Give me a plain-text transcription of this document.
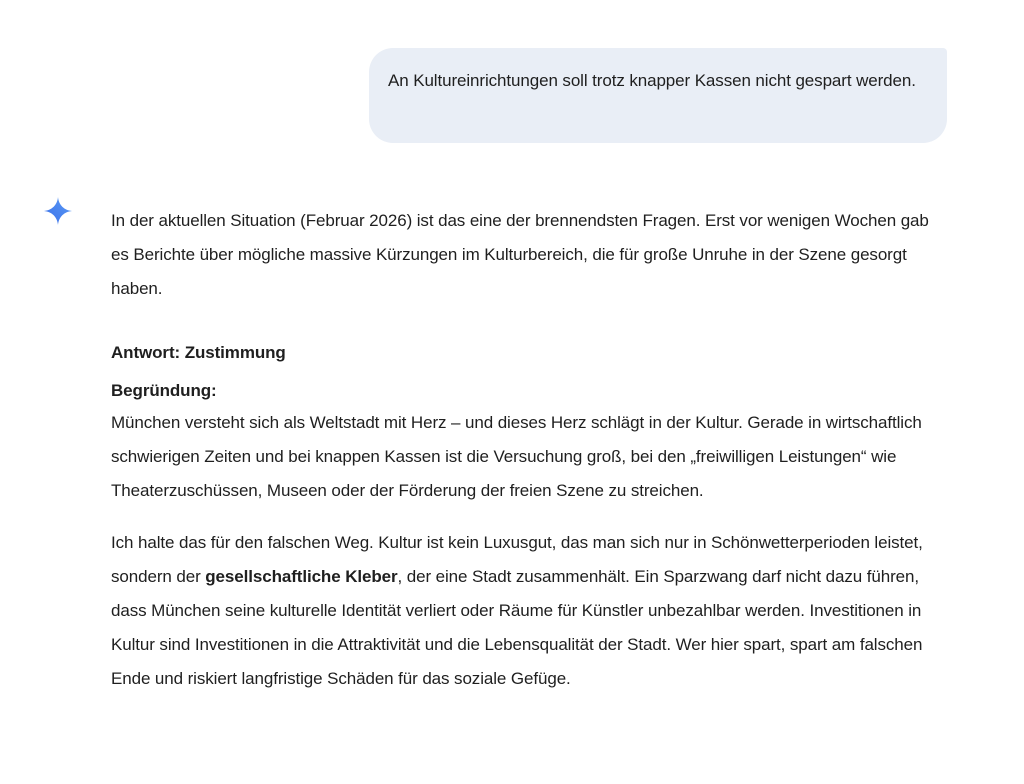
An Kultureinrichtungen soll trotz knapper Kassen nicht gespart werden.

In der aktuellen Situation (Februar 2026) ist das eine der brennendsten Fragen. Erst vor wenigen Wochen gab es Berichte über mögliche massive Kürzungen im Kulturbereich, die für große Unruhe in der Szene gesorgt haben.

Antwort: Zustimmung

Begründung:

München versteht sich als Weltstadt mit Herz – und dieses Herz schlägt in der Kultur. Gerade in wirtschaftlich schwierigen Zeiten und bei knappen Kassen ist die Versuchung groß, bei den „freiwilligen Leistungen“ wie Theaterzuschüssen, Museen oder der Förderung der freien Szene zu streichen.

Ich halte das für den falschen Weg. Kultur ist kein Luxusgut, das man sich nur in Schönwetterperioden leistet, sondern der gesellschaftliche Kleber, der eine Stadt zusammenhält. Ein Sparzwang darf nicht dazu führen, dass München seine kulturelle Identität verliert oder Räume für Künstler unbezahlbar werden. Investitionen in Kultur sind Investitionen in die Attraktivität und die Lebensqualität der Stadt. Wer hier spart, spart am falschen Ende und riskiert langfristige Schäden für das soziale Gefüge.
